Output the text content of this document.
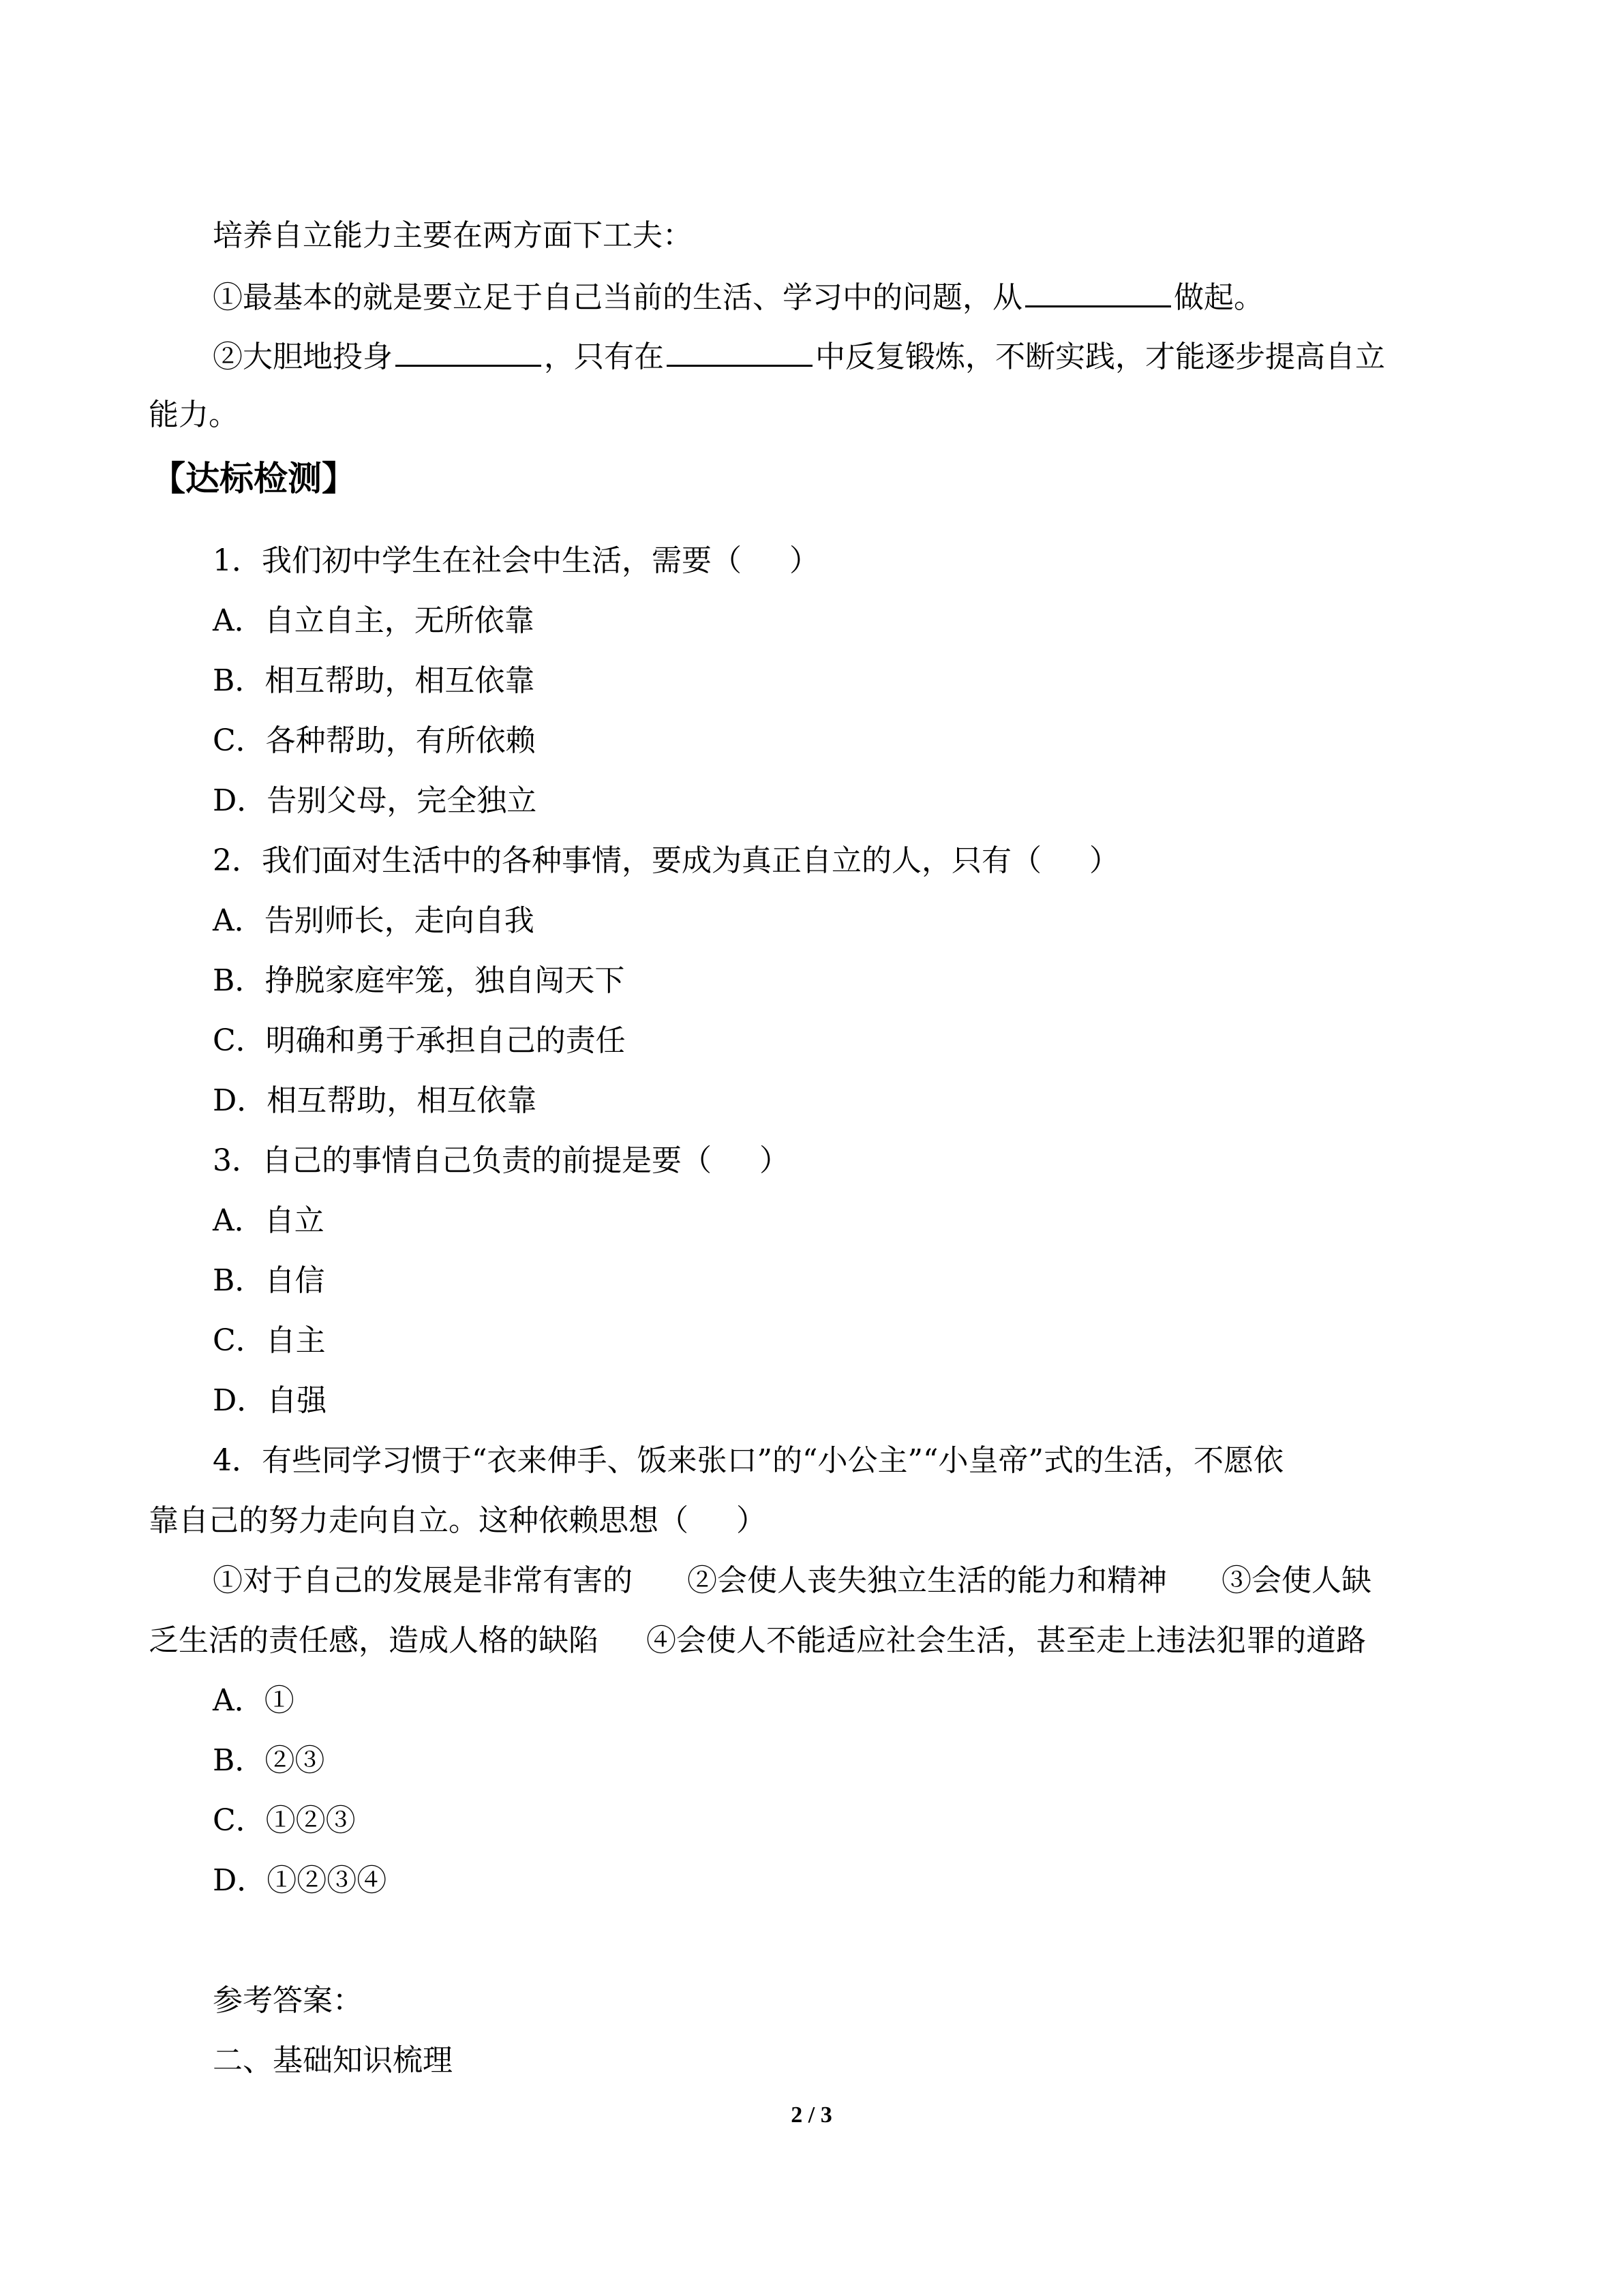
培养自立能力主要在两方面下工夫：
①最基本的就是要立足于自己当前的生活、学习中的问题，从	做起。
②大胆地投身	，只有在	中反复锻炼，不断实践，才能逐步提高自立
能力。
【达标检测】
1．我们初中学生在社会中生活，需要（ ）
A．自立自主，无所依靠
B．相互帮助，相互依靠
C．各种帮助，有所依赖
D．告别父母，完全独立
2．我们面对生活中的各种事情，要成为真正自立的人，只有（ ）
A．告别师长，走向自我
B．挣脱家庭牢笼，独自闯天下
C．明确和勇于承担自己的责任
D．相互帮助，相互依靠
3．自己的事情自己负责的前提是要（ ）
A．自立
B．自信
C．自主
D．自强
4．有些同学习惯于“衣来伸手、饭来张口”的“小公主”“小皇帝”式的生活，不愿依
靠自己的努力走向自立。这种依赖思想（ ）
①对于自己的发展是非常有害的 ②会使人丧失独立生活的能力和精神 ③会使人缺
乏生活的责任感，造成人格的缺陷 ④会使人不能适应社会生活，甚至走上违法犯罪的道路
A．①
B．②③
C．①②③
D．①②③④
参考答案：
二、基础知识梳理
2 / 3
